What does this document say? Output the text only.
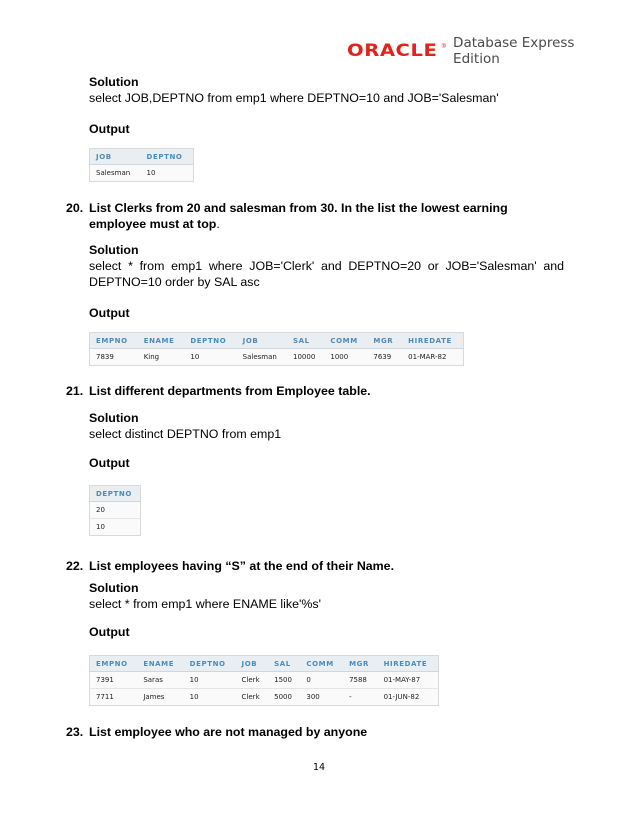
ORACLE ® Database Express Edition
Solution
select JOB,DEPTNO from emp1 where DEPTNO=10 and JOB='Salesman'
Output
JOB	DEPTNO
Salesman	10
20. List Clerks from 20 and salesman from 30. In the list the lowest earning employee must at top.
Solution
select * from emp1 where JOB='Clerk' and DEPTNO=20 or JOB='Salesman' and
DEPTNO=10 order by SAL asc
Output
EMPNO	ENAME	DEPTNO	JOB	SAL	COMM	MGR	HIREDATE
7839	King	10	Salesman	10000	1000	7639	01-MAR-82
21. List different departments from Employee table.
Solution
select distinct DEPTNO from emp1
Output
DEPTNO
20
10
22. List employees having “S” at the end of their Name.
Solution
select * from emp1 where ENAME like'%s'
Output
EMPNO	ENAME	DEPTNO	JOB	SAL	COMM	MGR	HIREDATE
7391	Saras	10	Clerk	1500	0	7588	01-MAY-87
7711	James	10	Clerk	5000	300	-	01-JUN-82
23. List employee who are not managed by anyone
14
